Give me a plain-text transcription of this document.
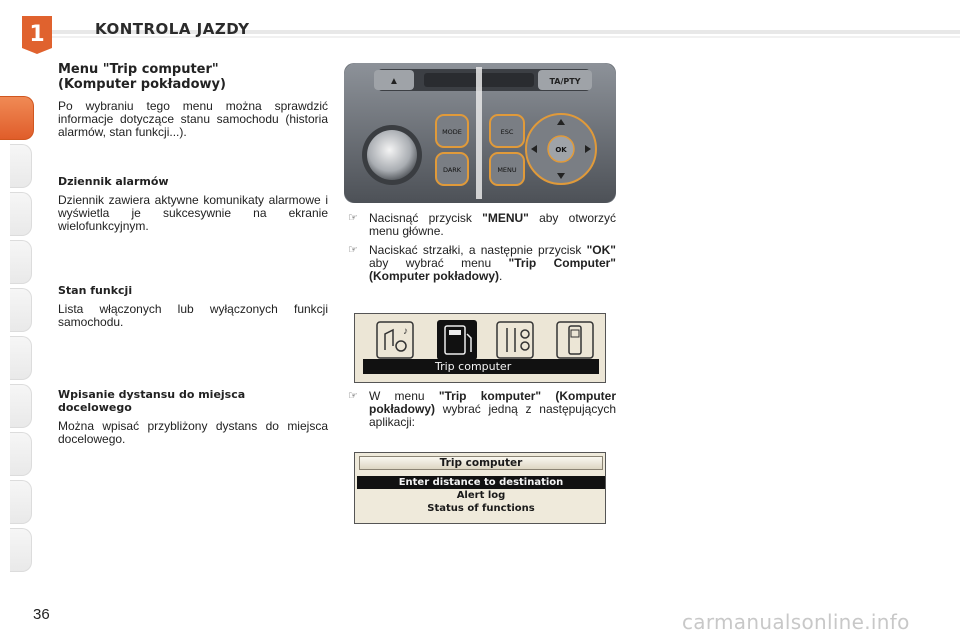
1	KONTROLA JAZDY
Menu "Trip computer"
(Komputer pokładowy)

Po wybraniu tego menu można sprawdzić informacje dotyczące stanu samochodu (historia alarmów, stan funkcji...).

Dziennik alarmów

Dziennik zawiera aktywne komunikaty alarmowe i wyświetla je sukcesywnie na ekranie wielofunkcyjnym.

Stan funkcji

Lista włączonych lub wyłączonych funkcji samochodu.

Wpisanie dystansu do miejsca
docelowego

Można wpisać przybliżony dystans do miejsca docelowego.

▲	TA/PTY
MODE
DARK
ESC
MENU
OK
☞ Nacisnąć przycisk "MENU" aby otworzyć menu główne.
☞ Naciskać strzałki, a następnie przycisk "OK" aby wybrać menu "Trip Computer" (Komputer pokładowy).
♪
Trip computer
☞ W menu "Trip komputer" (Komputer pokładowy) wybrać jedną z następujących aplikacji:
Trip computer
Enter distance to destination
Alert log
Status of functions
36	carmanualsonline.info
